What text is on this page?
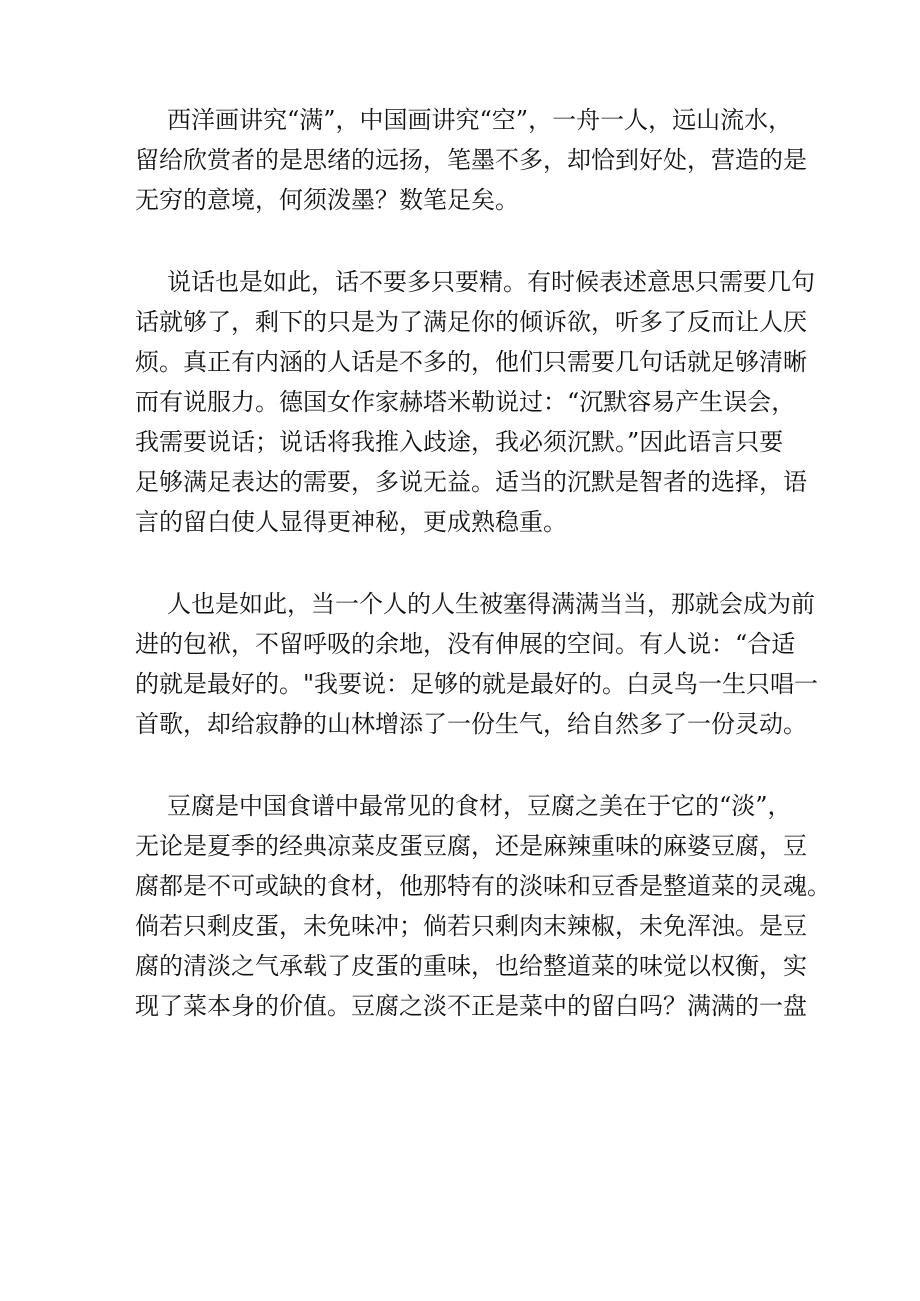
西洋画讲究“满”，中国画讲究“空”，一舟一人，远山流水，
留给欣赏者的是思绪的远扬，笔墨不多，却恰到好处，营造的是
无穷的意境，何须泼墨？数笔足矣。

说话也是如此，话不要多只要精。有时候表述意思只需要几句
话就够了，剩下的只是为了满足你的倾诉欲，听多了反而让人厌
烦。真正有内涵的人话是不多的，他们只需要几句话就足够清晰
而有说服力。德国女作家赫塔米勒说过：“沉默容易产生误会，
我需要说话；说话将我推入歧途，我必须沉默。”因此语言只要
足够满足表达的需要，多说无益。适当的沉默是智者的选择，语
言的留白使人显得更神秘，更成熟稳重。

人也是如此，当一个人的人生被塞得满满当当，那就会成为前
进的包袱，不留呼吸的余地，没有伸展的空间。有人说：“合适
的就是最好的。"我要说：足够的就是最好的。白灵鸟一生只唱一
首歌，却给寂静的山林增添了一份生气，给自然多了一份灵动。

豆腐是中国食谱中最常见的食材，豆腐之美在于它的“淡”，
无论是夏季的经典凉菜皮蛋豆腐，还是麻辣重味的麻婆豆腐，豆
腐都是不可或缺的食材，他那特有的淡味和豆香是整道菜的灵魂。
倘若只剩皮蛋，未免味冲；倘若只剩肉末辣椒，未免浑浊。是豆
腐的清淡之气承载了皮蛋的重味，也给整道菜的味觉以权衡，实
现了菜本身的价值。豆腐之淡不正是菜中的留白吗？满满的一盘
